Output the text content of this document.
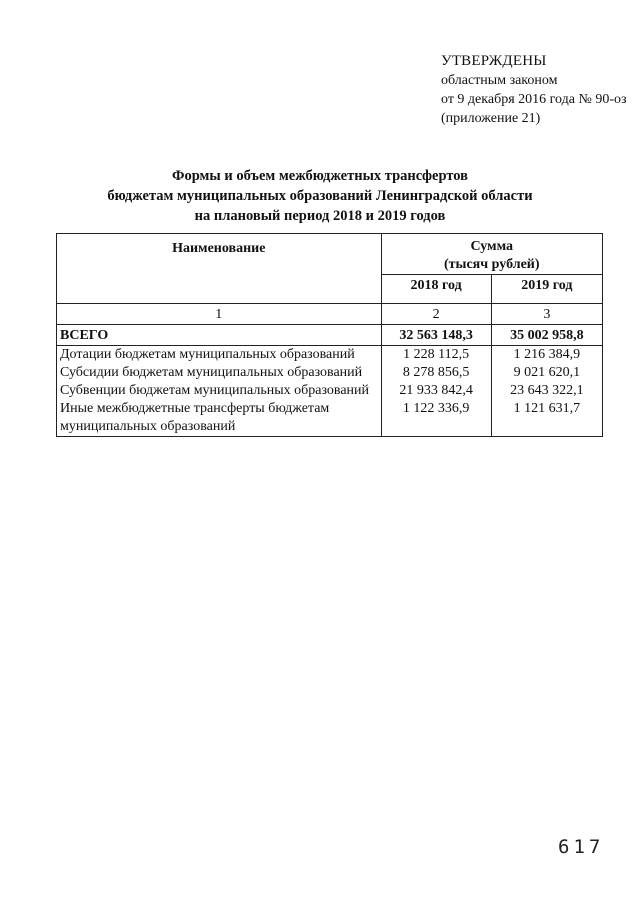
УТВЕРЖДЕНЫ
областным законом
от 9 декабря 2016 года № 90-оз
(приложение 21)
Формы и объем межбюджетных трансфертов
бюджетам муниципальных образований Ленинградской области
на плановый период 2018 и 2019 годов
Наименование	Сумма
(тысяч рублей)	

	2018 год	2019 год
1	2	3
ВСЕГО	32 563 148,3	35 002 958,8
Дотации бюджетам муниципальных образований	1 228 112,5	1 216 384,9
Субсидии бюджетам муниципальных образований	8 278 856,5	9 021 620,1
Субвенции бюджетам муниципальных образований	21 933 842,4	23 643 322,1
Иные межбюджетные трансферты бюджетам муниципальных образований	1 122 336,9	1 121 631,7
617
